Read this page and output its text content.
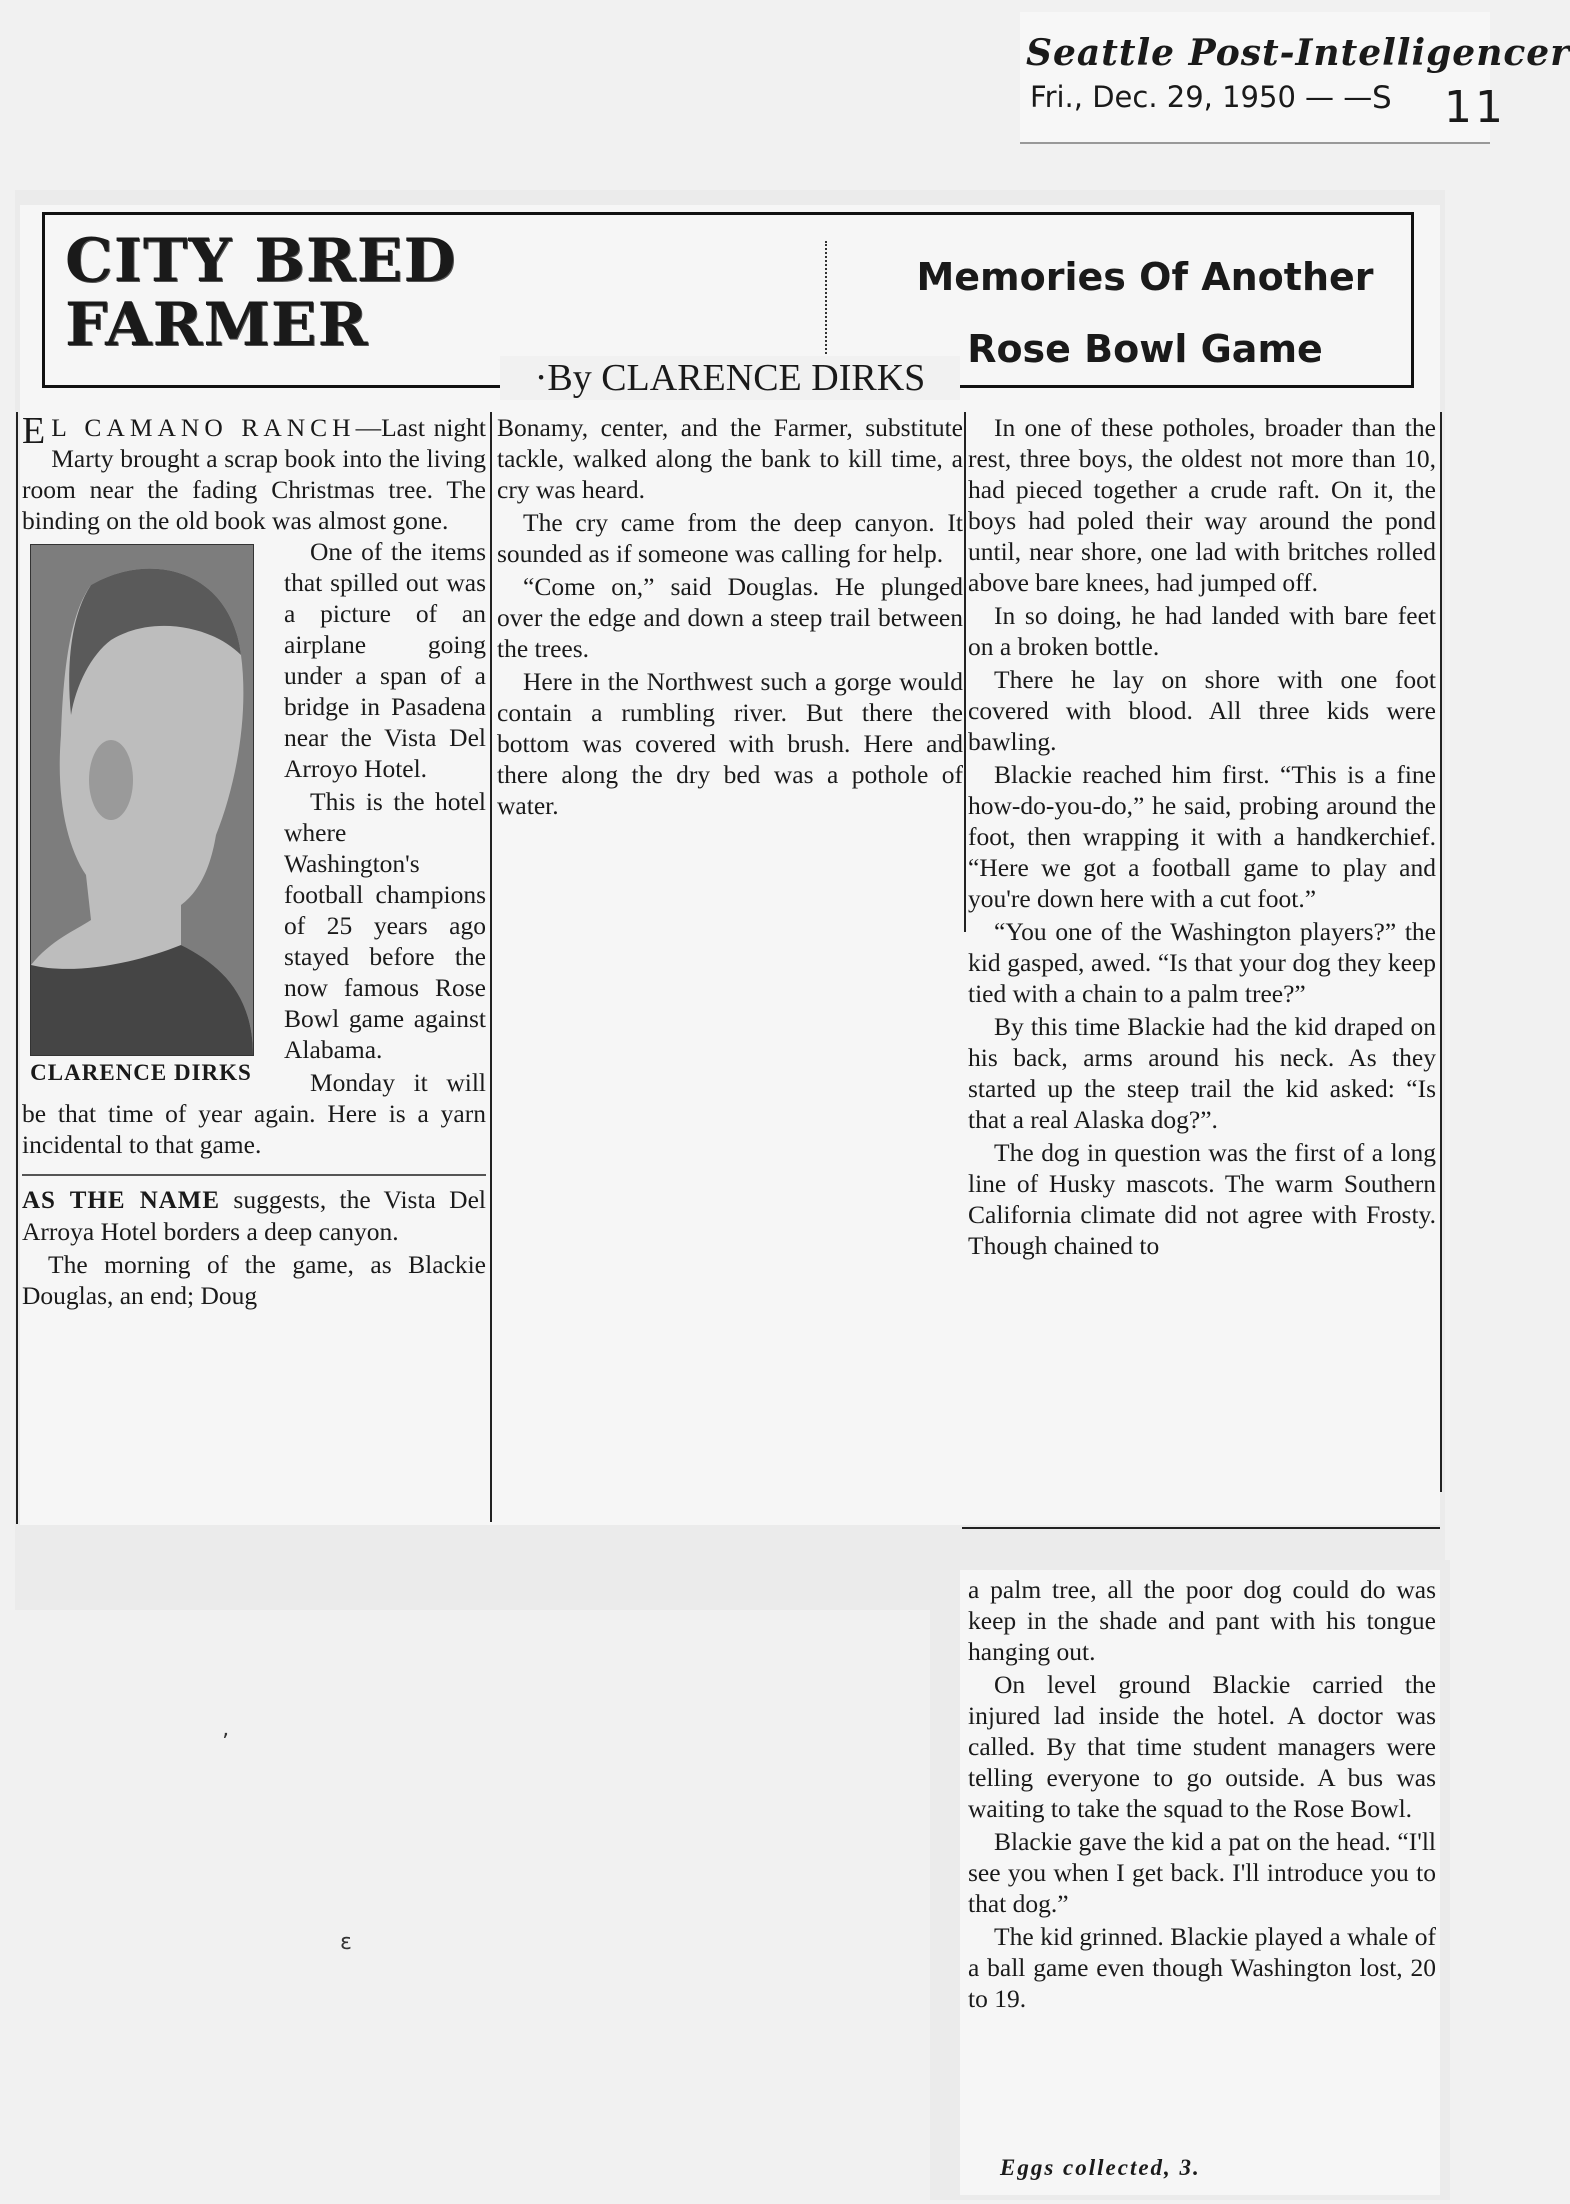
Seattle Post-Intelligencer
Fri., Dec. 29, 1950 — — S 11
CITY BRED FARMER
Memories Of Another Rose Bowl Game
·By CLARENCE DIRKS

E L CAMANO RANCH—Last night Marty brought a scrap book into the living room near the fading Christmas tree. The binding on the old book was almost gone.

CLARENCE DIRKS

One of the items that spilled out was a picture of an airplane going under a span of a bridge in Pasadena near the Vista Del Arroyo Hotel.

This is the hotel where Washington's football champions of 25 years ago stayed before the now famous Rose Bowl game against Alabama.

Monday it will be that time of year again. Here is a yarn incidental to that game.

AS THE NAME suggests, the Vista Del Arroya Hotel borders a deep canyon.

The morning of the game, as Blackie Douglas, an end; Doug

Bonamy, center, and the Farmer, substitute tackle, walked along the bank to kill time, a cry was heard.

The cry came from the deep canyon. It sounded as if someone was calling for help.

“Come on,” said Douglas. He plunged over the edge and down a steep trail between the trees.

Here in the Northwest such a gorge would contain a rumbling river. But there the bottom was covered with brush. Here and there along the dry bed was a pothole of water.

In one of these potholes, broader than the rest, three boys, the oldest not more than 10, had pieced together a crude raft. On it, the boys had poled their way around the pond until, near shore, one lad with britches rolled above bare knees, had jumped off.

In so doing, he had landed with bare feet on a broken bottle.

There he lay on shore with one foot covered with blood. All three kids were bawling.

Blackie reached him first. “This is a fine how-do-you-do,” he said, probing around the foot, then wrapping it with a handkerchief. “Here we got a football game to play and you're down here with a cut foot.”

“You one of the Washington players?” the kid gasped, awed. “Is that your dog they keep tied with a chain to a palm tree?”

By this time Blackie had the kid draped on his back, arms around his neck. As they started up the steep trail the kid asked: “Is that a real Alaska dog?”.

The dog in question was the first of a long line of Husky mascots. The warm Southern California climate did not agree with Frosty. Though chained to

a palm tree, all the poor dog could do was keep in the shade and pant with his tongue hanging out.

On level ground Blackie carried the injured lad inside the hotel. A doctor was called. By that time student managers were telling everyone to go outside. A bus was waiting to take the squad to the Rose Bowl.

Blackie gave the kid a pat on the head. “I'll see you when I get back. I'll introduce you to that dog.”

The kid grinned. Blackie played a whale of a ball game even though Washington lost, 20 to 19.

Eggs collected, 3.
ʼ
ɛ
